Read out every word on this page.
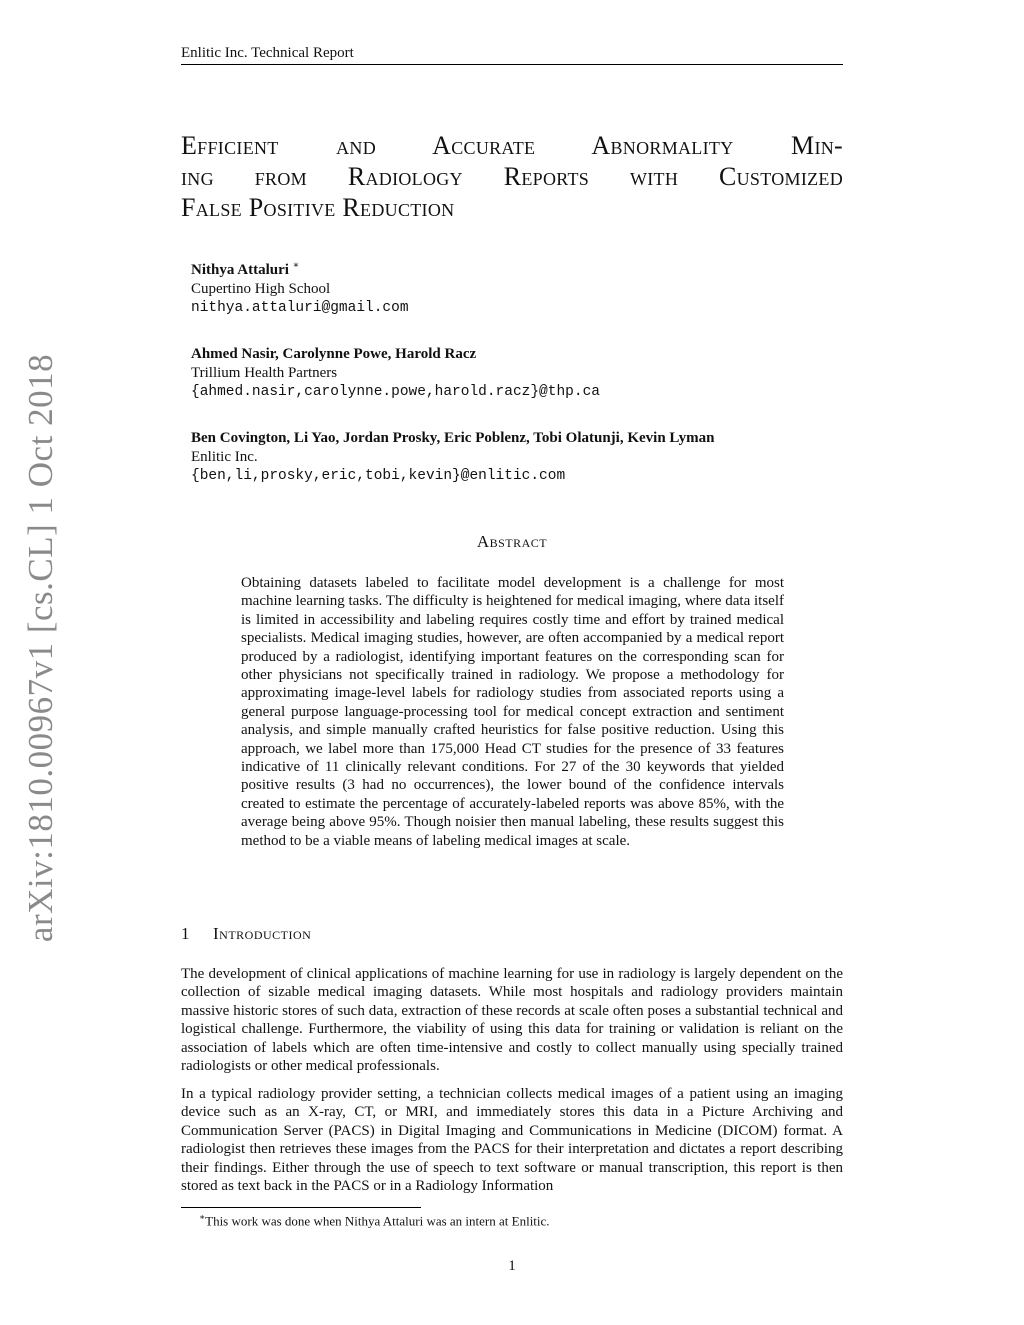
Enlitic Inc. Technical Report
arXiv:1810.00967v1 [cs.CL] 1 Oct 2018
Efficient and Accurate Abnormality Min-
ing from Radiology Reports with Customized
False Positive Reduction
Nithya Attaluri ∗
Cupertino High School
nithya.attaluri@gmail.com
Ahmed Nasir, Carolynne Powe, Harold Racz
Trillium Health Partners
{ahmed.nasir,carolynne.powe,harold.racz}@thp.ca
Ben Covington, Li Yao, Jordan Prosky, Eric Poblenz, Tobi Olatunji, Kevin Lyman
Enlitic Inc.
{ben,li,prosky,eric,tobi,kevin}@enlitic.com
Abstract
Obtaining datasets labeled to facilitate model development is a challenge for most machine learning tasks. The difficulty is heightened for medical imaging, where data itself is limited in accessibility and labeling requires costly time and effort by trained medical specialists. Medical imaging studies, however, are often accompanied by a medical report produced by a radiologist, identifying important features on the corresponding scan for other physicians not specifically trained in radiology. We propose a methodology for approximating image-level labels for radiology studies from associated reports using a general purpose language-processing tool for medical concept extraction and sentiment analysis, and simple manually crafted heuristics for false positive reduction. Using this approach, we label more than 175,000 Head CT studies for the presence of 33 features indicative of 11 clinically relevant conditions. For 27 of the 30 keywords that yielded positive results (3 had no occurrences), the lower bound of the confidence intervals created to estimate the percentage of accurately-labeled reports was above 85%, with the average being above 95%. Though noisier then manual labeling, these results suggest this method to be a viable means of labeling medical images at scale.
1 Introduction
The development of clinical applications of machine learning for use in radiology is largely dependent on the collection of sizable medical imaging datasets. While most hospitals and radiology providers maintain massive historic stores of such data, extraction of these records at scale often poses a substantial technical and logistical challenge. Furthermore, the viability of using this data for training or validation is reliant on the association of labels which are often time-intensive and costly to collect manually using specially trained radiologists or other medical professionals.
In a typical radiology provider setting, a technician collects medical images of a patient using an imaging device such as an X-ray, CT, or MRI, and immediately stores this data in a Picture Archiving and Communication Server (PACS) in Digital Imaging and Communications in Medicine (DICOM) format. A radiologist then retrieves these images from the PACS for their interpretation and dictates a report describing their findings. Either through the use of speech to text software or manual transcription, this report is then stored as text back in the PACS or in a Radiology Information
∗This work was done when Nithya Attaluri was an intern at Enlitic.
1
